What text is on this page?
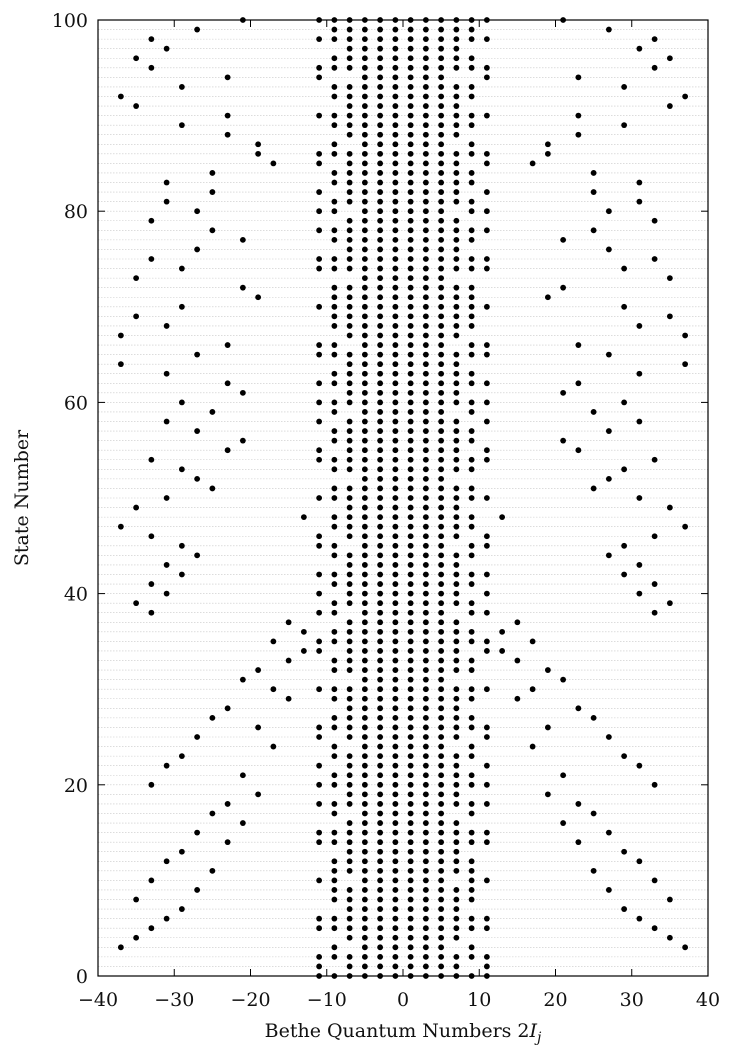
−40 −30 −20 −10	0	10	20	30	40
0
20
40
60
80
100
Bethe Quantum Numbers $2I_j$
State Number
